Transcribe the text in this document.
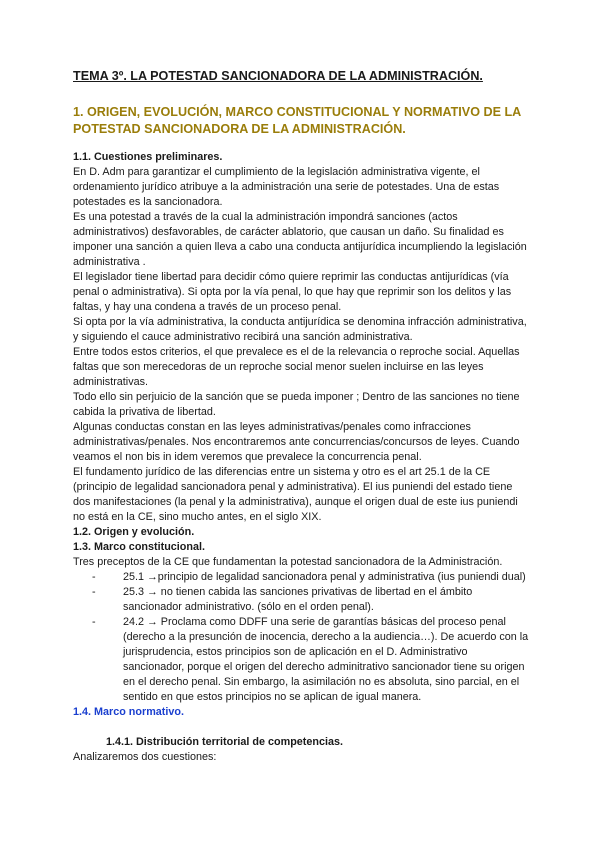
TEMA 3º. LA POTESTAD SANCIONADORA DE LA ADMINISTRACIÓN.
1. ORIGEN, EVOLUCIÓN, MARCO CONSTITUCIONAL Y NORMATIVO DE LA POTESTAD SANCIONADORA DE LA ADMINISTRACIÓN.

1.1. Cuestiones preliminares.

En D. Adm para garantizar el cumplimiento de la legislación administrativa vigente, el ordenamiento jurídico atribuye a la administración una serie de potestades. Una de estas potestades es la sancionadora.

Es una potestad a través de la cual la administración impondrá sanciones (actos administrativos) desfavorables, de carácter ablatorio, que causan un daño. Su finalidad es imponer una sanción a quien lleva a cabo una conducta antijurídica incumpliendo la legislación administrativa .

El legislador tiene libertad para decidir cómo quiere reprimir las conductas antijurídicas (vía penal o administrativa). Si opta por la vía penal, lo que hay que reprimir son los delitos y las faltas, y hay una condena a través de un proceso penal.

Si opta por la vía administrativa, la conducta antijurídica se denomina infracción administrativa, y siguiendo el cauce administrativo recibirá una sanción administrativa.

Entre todos estos criterios, el que prevalece es el de la relevancia o reproche social. Aquellas faltas que son merecedoras de un reproche social menor suelen incluirse en las leyes administrativas.

Todo ello sin perjuicio de la sanción que se pueda imponer ; Dentro de las sanciones no tiene cabida la privativa de libertad.

Algunas conductas constan en las leyes administrativas/penales como infracciones administrativas/penales. Nos encontraremos ante concurrencias/concursos de leyes. Cuando veamos el non bis in idem veremos que prevalece la concurrencia penal.

El fundamento jurídico de las diferencias entre un sistema y otro es el art 25.1 de la CE (principio de legalidad sancionadora penal y administrativa). El ius puniendi del estado tiene dos manifestaciones (la penal y la administrativa), aunque el origen dual de este ius puniendi no está en la CE, sino mucho antes, en el siglo XIX.

1.2. Origen y evolución.

1.3. Marco constitucional.

Tres preceptos de la CE que fundamentan la potestad sancionadora de la Administración.

- 25.1 →principio de legalidad sancionadora penal y administrativa (ius puniendi dual)
- 25.3 → no tienen cabida las sanciones privativas de libertad en el ámbito sancionador administrativo. (sólo en el orden penal).
- 24.2 → Proclama como DDFF una serie de garantías básicas del proceso penal (derecho a la presunción de inocencia, derecho a la audiencia…). De acuerdo con la jurisprudencia, estos principios son de aplicación en el D. Administrativo sancionador, porque el origen del derecho adminitrativo sancionador tiene su origen en el derecho penal. Sin embargo, la asimilación no es absoluta, sino parcial, en el sentido en que estos principios no se aplican de igual manera.

1.4. Marco normativo.

1.4.1. Distribución territorial de competencias.

Analizaremos dos cuestiones:
